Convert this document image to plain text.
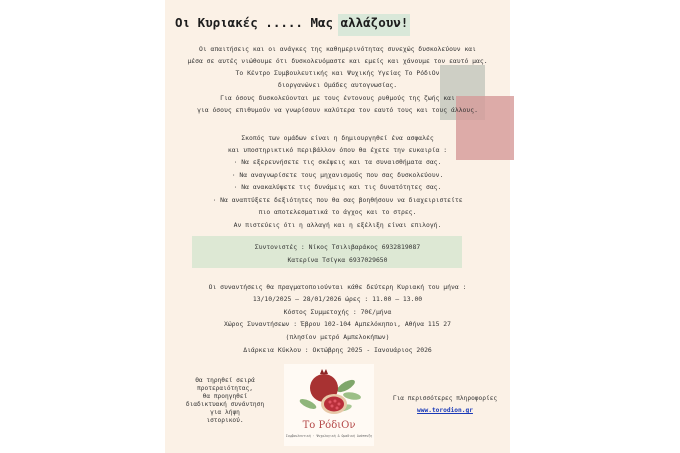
Οι Κυριακές ..... Μας αλλάζουν!
Οι απαιτήσεις και οι ανάγκες της καθημερινότητας συνεχώς δυσκολεύουν και
μέσα σε αυτές νιώθουμε ότι δυσκολευόμαστε και εμείς και χάνουμε τον εαυτό μας.
Το Κέντρο Συμβουλευτικής και Ψυχικής Υγείας Το ΡόδιΟν
διοργανώνει Ομάδες αυτογνωσίας.
Για όσους δυσκολεύονται με τους έντονους ρυθμούς της ζωής και
για όσους επιθυμούν να γνωρίσουν καλύτερα τον εαυτό τους και τους άλλους.
Σκοπός των ομάδων είναι η δημιουργηθεί ένα ασφαλές
και υποστηρικτικό περιβάλλον όπου θα έχετε την ευκαιρία :
· Να εξερευνήσετε τις σκέψεις και τα συναισθήματα σας.
· Να αναγνωρίσετε τους μηχανισμούς που σας δυσκολεύουν.
· Να ανακαλύψετε τις δυνάμεις και τις δυνατότητες σας.
· Να αναπτύξετε δεξιότητες που θα σας βοηθήσουν να διαχειριστείτε
πιο αποτελεσματικά το άγχος και το στρες.
Αν πιστεύεις ότι η αλλαγή και η εξέλιξη είναι επιλογή.
Συντονιστές : Νίκος Τσιλιβαράκος 6932819087
Κατερίνα Τσίγκα 6937029650
Οι συναντήσεις θα πραγματοποιούνται κάθε δεύτερη Κυριακή του μήνα :
13/10/2025 – 28/01/2026 ώρες : 11.00 – 13.00
Κόστος Συμμετοχής : 70€/μήνα
Χώρος Συναντήσεων : Έβρου 102-104 Αμπελόκηποι, Αθήνα 115 27
(πλησίον μετρό Αμπελοκήπων)
Διάρκεια Κύκλου : Οκτώβρης 2025 - Ιανουάριος 2026
Θα τηρηθεί σειρά
προτεραιότητας,
θα προηγηθεί
διαδικτυακή συνάντηση
για λήψη
ιστορικού.	Το ΡόδιΟν
Συμβουλευτική · Ψυχολογική & Ομαδική Ανάπτυξη
Για περισσότερες πληροφορίες
www.torodion.gr
